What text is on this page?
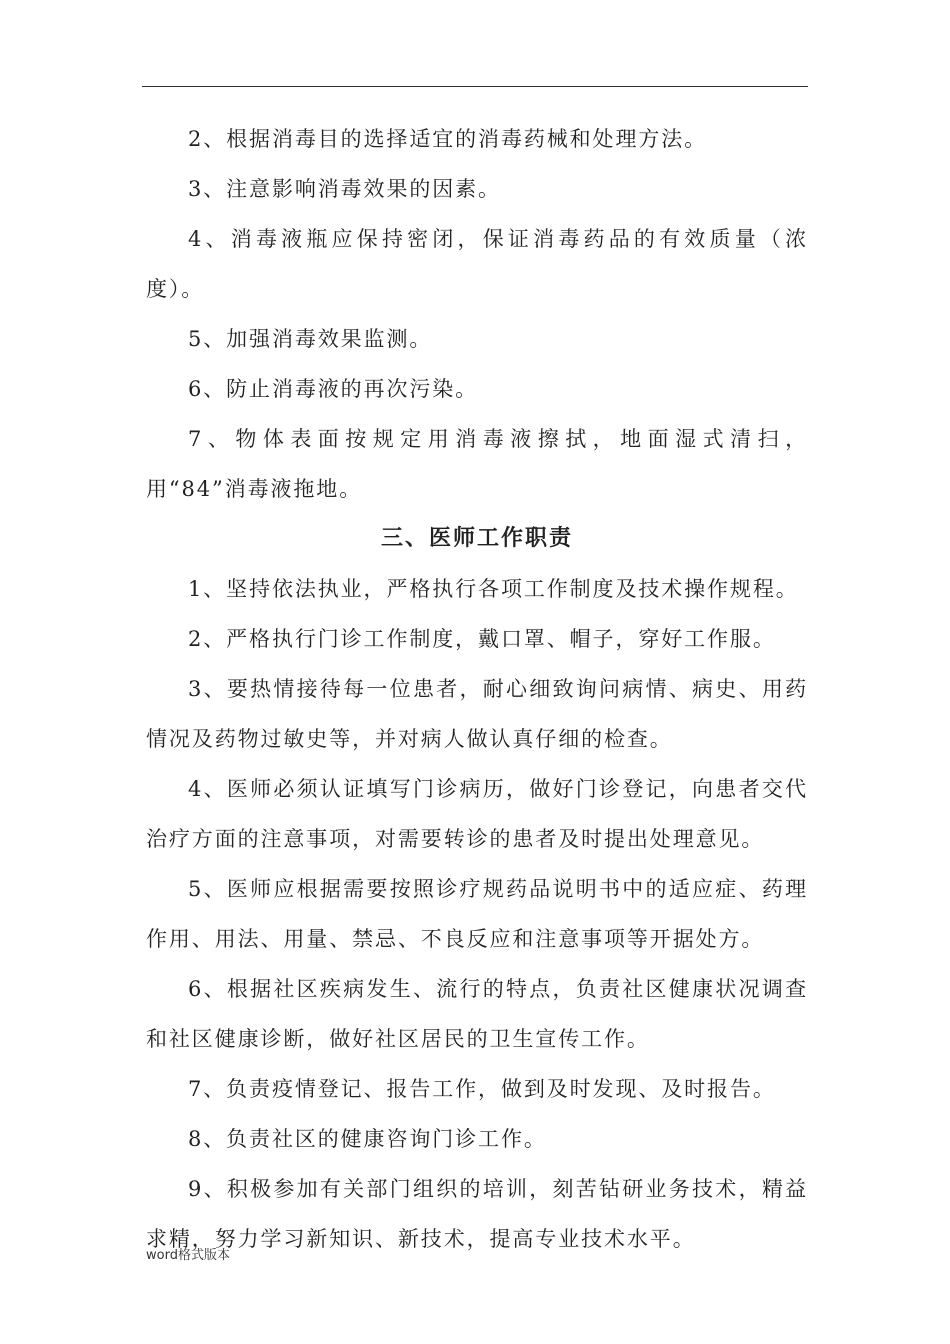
2、根据消毒目的选择适宜的消毒药械和处理方法。

3、注意影响消毒效果的因素。

4、消毒液瓶应保持密闭，保证消毒药品的有效质量（浓度）。

5、加强消毒效果监测。

6、防止消毒液的再次污染。

7、物体表面按规定用消毒液擦拭，地面湿式清扫，用“84”消毒液拖地。

三、医师工作职责

1、坚持依法执业，严格执行各项工作制度及技术操作规程。

2、严格执行门诊工作制度，戴口罩、帽子，穿好工作服。

3、要热情接待每一位患者，耐心细致询问病情、病史、用药情况及药物过敏史等，并对病人做认真仔细的检查。

4、医师必须认证填写门诊病历，做好门诊登记，向患者交代治疗方面的注意事项，对需要转诊的患者及时提出处理意见。

5、医师应根据需要按照诊疗规药品说明书中的适应症、药理作用、用法、用量、禁忌、不良反应和注意事项等开据处方。

6、根据社区疾病发生、流行的特点，负责社区健康状况调查和社区健康诊断，做好社区居民的卫生宣传工作。

7、负责疫情登记、报告工作，做到及时发现、及时报告。

8、负责社区的健康咨询门诊工作。

9、积极参加有关部门组织的培训，刻苦钻研业务技术，精益求精，努力学习新知识、新技术，提高专业技术水平。

word格式版本
